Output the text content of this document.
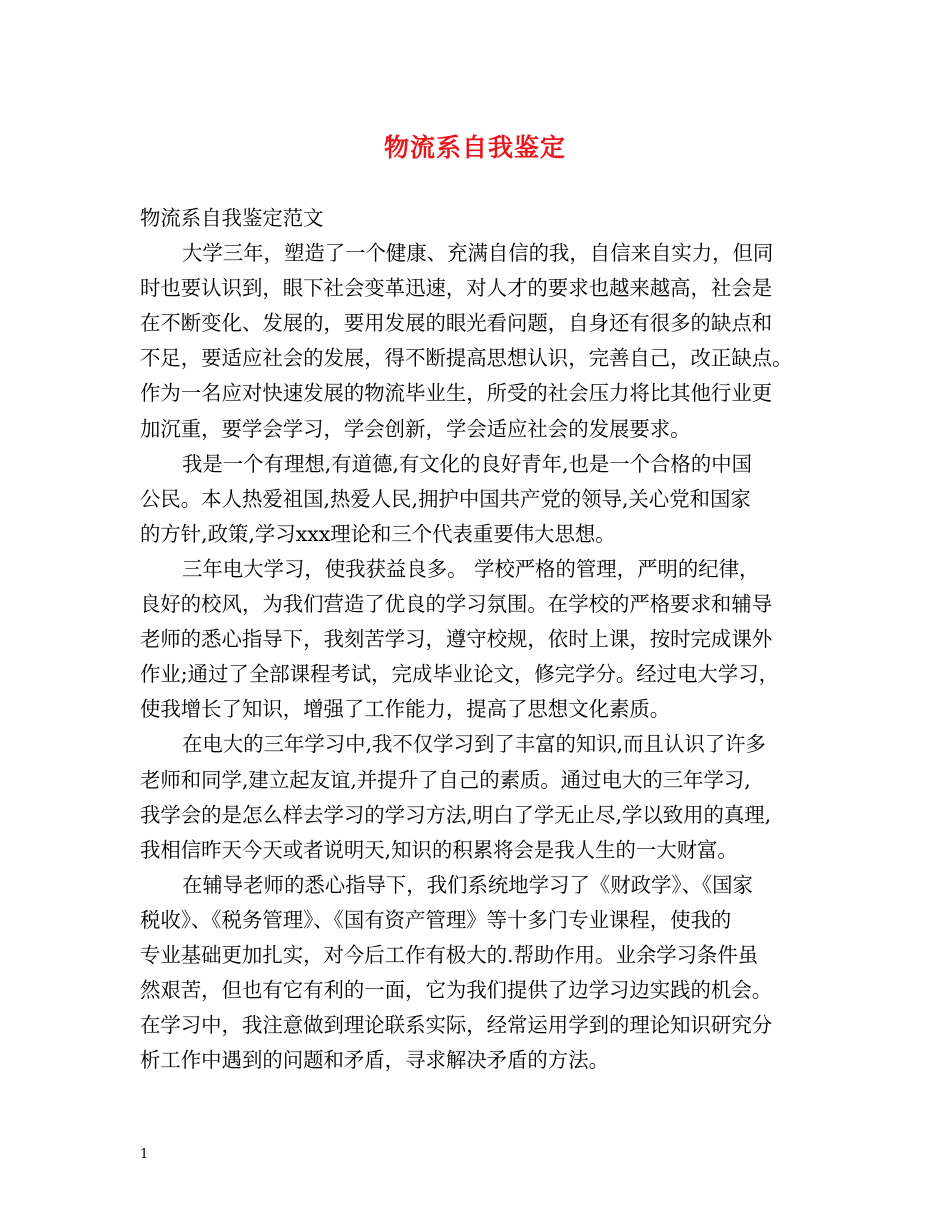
物流系自我鉴定

物流系自我鉴定范文

大学三年，塑造了一个健康、充满自信的我，自信来自实力，但同
时也要认识到，眼下社会变革迅速，对人才的要求也越来越高，社会是
在不断变化、发展的，要用发展的眼光看问题，自身还有很多的缺点和
不足，要适应社会的发展，得不断提高思想认识，完善自己，改正缺点。
作为一名应对快速发展的物流毕业生，所受的社会压力将比其他行业更
加沉重，要学会学习，学会创新，学会适应社会的发展要求。

我是一个有理想,有道德,有文化的良好青年,也是一个合格的中国
公民。本人热爱祖国,热爱人民,拥护中国共产党的领导,关心党和国家
的方针,政策,学习xxx理论和三个代表重要伟大思想。

三年电大学习，使我获益良多。 学校严格的管理，严明的纪律，
良好的校风，为我们营造了优良的学习氛围。在学校的严格要求和辅导
老师的悉心指导下，我刻苦学习，遵守校规，依时上课，按时完成课外
作业;通过了全部课程考试，完成毕业论文，修完学分。经过电大学习，
使我增长了知识，增强了工作能力，提高了思想文化素质。

在电大的三年学习中,我不仅学习到了丰富的知识,而且认识了许多
老师和同学,建立起友谊,并提升了自己的素质。通过电大的三年学习,
我学会的是怎么样去学习的学习方法,明白了学无止尽,学以致用的真理,
我相信昨天今天或者说明天,知识的积累将会是我人生的一大财富。

在辅导老师的悉心指导下，我们系统地学习了《财政学》、《国家
税收》、《税务管理》、《国有资产管理》等十多门专业课程，使我的
专业基础更加扎实，对今后工作有极大的.帮助作用。业余学习条件虽
然艰苦，但也有它有利的一面，它为我们提供了边学习边实践的机会。
在学习中，我注意做到理论联系实际，经常运用学到的理论知识研究分
析工作中遇到的问题和矛盾，寻求解决矛盾的方法。

1
